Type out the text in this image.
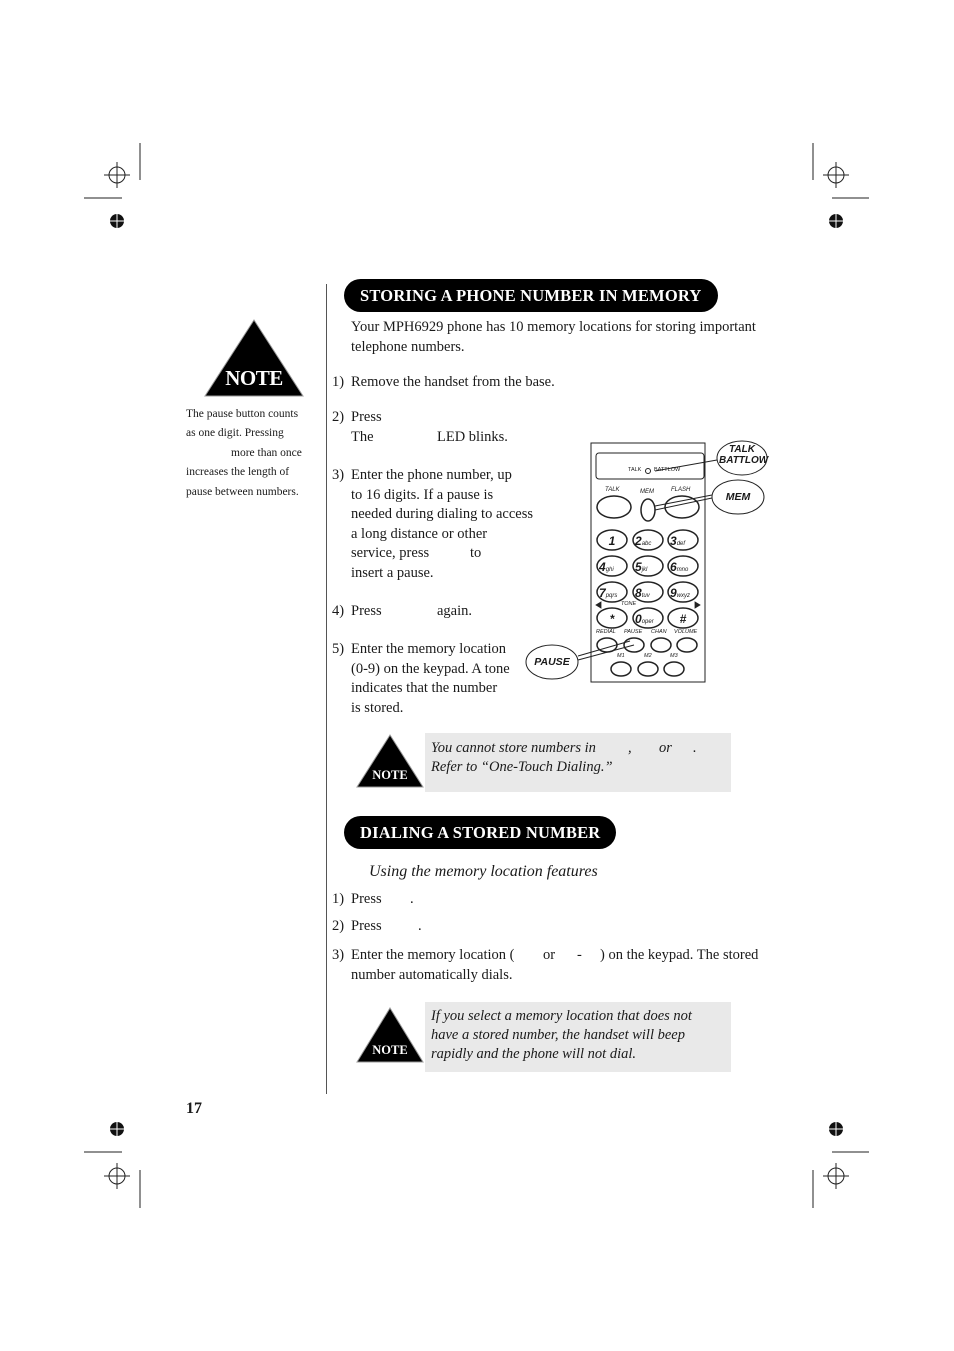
NOTE
The pause button counts
as one digit. Pressing
more than once
increases the length of
pause between numbers.
STORING A PHONE NUMBER IN MEMORY
Your MPH6929 phone has 10 memory locations for storing important
telephone numbers.
1) Remove the handset from the base.
2) Press
The	LED blinks.
3) Enter the phone number, up
to 16 digits. If a pause is
needed during dialing to access
a long distance or other
service, press	to
insert a pause.
4) Press	again.
5) Enter the memory location
(0-9) on the keypad. A tone
indicates that the number
is stored.
TALK
BATTLOW
MEM
PAUSE
TALK BATTLOW
TALK	MEM	FLASH
1	2abc	3def
4ghi	5jkl	6mno
7pqrs	8tuv	9wxyz
*	0oper	#
TONE
REDIAL PAUSE CHAN VOLUME
M1	M2	M3
NOTE
You cannot store numbers in , or .
Refer to “One-Touch Dialing.”
DIALING A STORED NUMBER
Using the memory location features
1) Press .
2) Press	.
3) Enter the memory location ( or - ) on the keypad. The stored
number automatically dials.
NOTE
If you select a memory location that does not
have a stored number, the handset will beep
rapidly and the phone will not dial.
17
